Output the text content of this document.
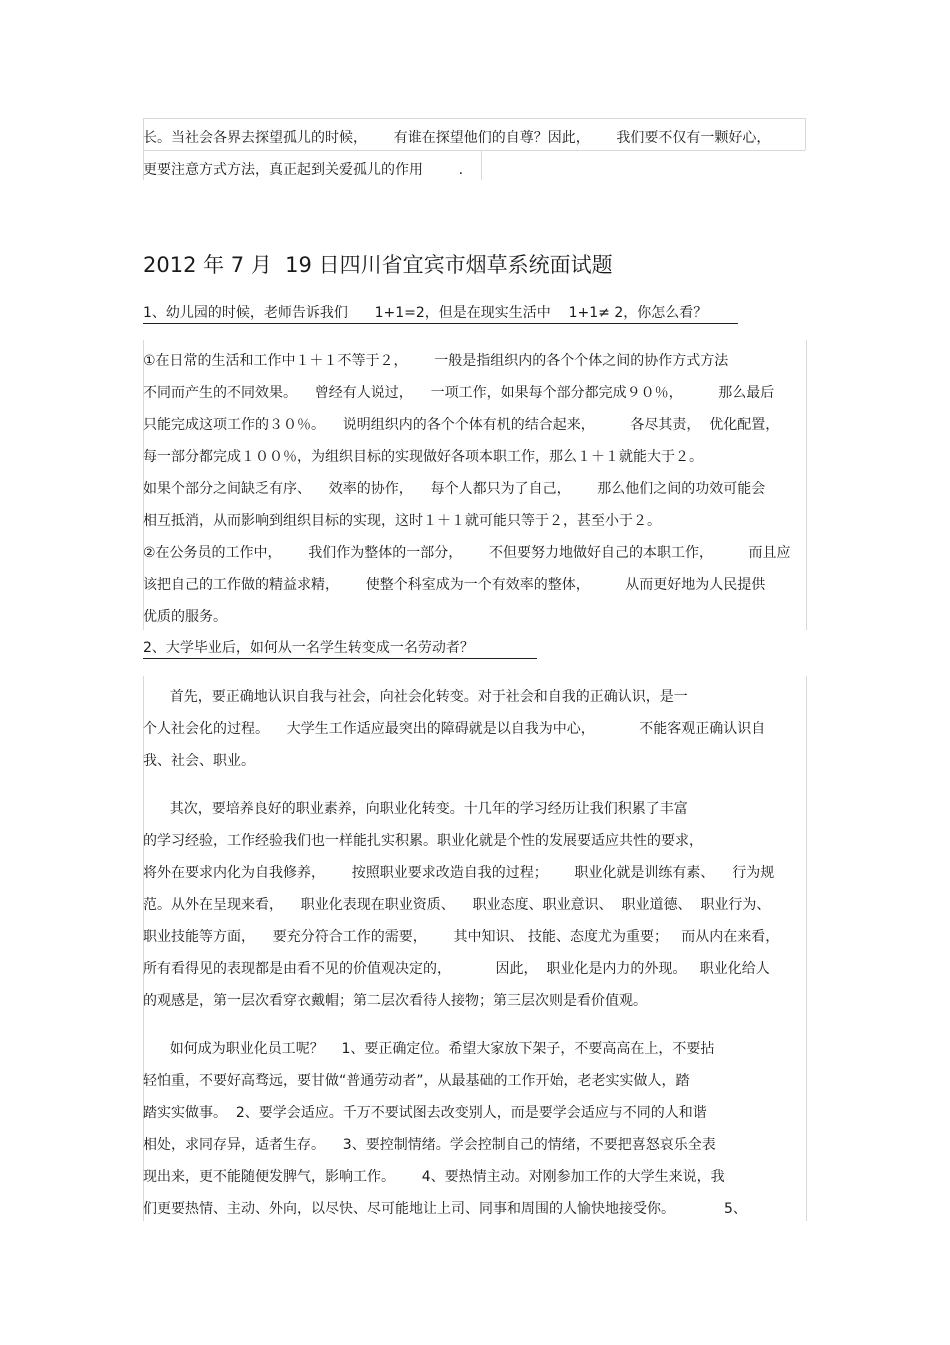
长。当社会各界去探望孤儿的时候，      有谁在探望他们的自尊？因此，      我们要不仅有一颗好心，

更要注意方式方法，真正起到关爱孤儿的作用        .

2012 年 7 月  19 日四川省宜宾市烟草系统面试题

1、幼儿园的时候，老师告诉我们      1+1=2，但是在现实生活中    1+1≠ 2，你怎么看？

①在日常的生活和工作中１＋１不等于２，      一般是指组织内的各个个体之间的协作方式方法

不同而产生的不同效果。    曾经有人说过，    一项工作，如果每个部分都完成９０％，        那么最后

只能完成这项工作的３０％。    说明组织内的各个个体有机的结合起来，        各尽其责，  优化配置，

每一部分都完成１００％，为组织目标的实现做好各项本职工作，那么１＋１就能大于２。

如果个部分之间缺乏有序、    效率的协作，    每个人都只为了自己，      那么他们之间的功效可能会

相互抵消，从而影响到组织目标的实现，这时１＋１就可能只等于２，甚至小于２。

②在公务员的工作中，      我们作为整体的一部分，      不但要努力地做好自己的本职工作，        而且应

该把自己的工作做的精益求精，      使整个科室成为一个有效率的整体，        从而更好地为人民提供

优质的服务。

2、大学毕业后，如何从一名学生转变成一名劳动者？

首先，要正确地认识自我与社会，向社会化转变。对于社会和自我的正确认识，是一

个人社会化的过程。    大学生工作适应最突出的障碍就是以自我为中心，          不能客观正确认识自

我、社会、职业。

其次，要培养良好的职业素养，向职业化转变。十几年的学习经历让我们积累了丰富

的学习经验，工作经验我们也一样能扎实积累。职业化就是个性的发展要适应共性的要求，

将外在要求内化为自我修养，      按照职业要求改造自我的过程；      职业化就是训练有素、    行为规

范。从外在呈现来看，    职业化表现在职业资质、    职业态度、职业意识、  职业道德、  职业行为、

职业技能等方面，    要充分符合工作的需要，      其中知识、 技能、态度尤为重要；   而从内在来看，

所有看得见的表现都是由看不见的价值观决定的，          因此，  职业化是内力的外现。   职业化给人

的观感是，第一层次看穿衣戴帽；第二层次看待人接物；第三层次则是看价值观。

如何成为职业化员工呢？    1、要正确定位。希望大家放下架子，不要高高在上，不要拈

轻怕重，不要好高骛远，要甘做“普通劳动者”，从最基础的工作开始，老老实实做人，踏

踏实实做事。  2、要学会适应。千万不要试图去改变别人，而是要学会适应与不同的人和谐

相处，求同存异，适者生存。    3、要控制情绪。学会控制自己的情绪，不要把喜怒哀乐全表

现出来，更不能随便发脾气，影响工作。      4、要热情主动。对刚参加工作的大学生来说，我

们更要热情、主动、外向，以尽快、尽可能地让上司、同事和周围的人愉快地接受你。           5、
